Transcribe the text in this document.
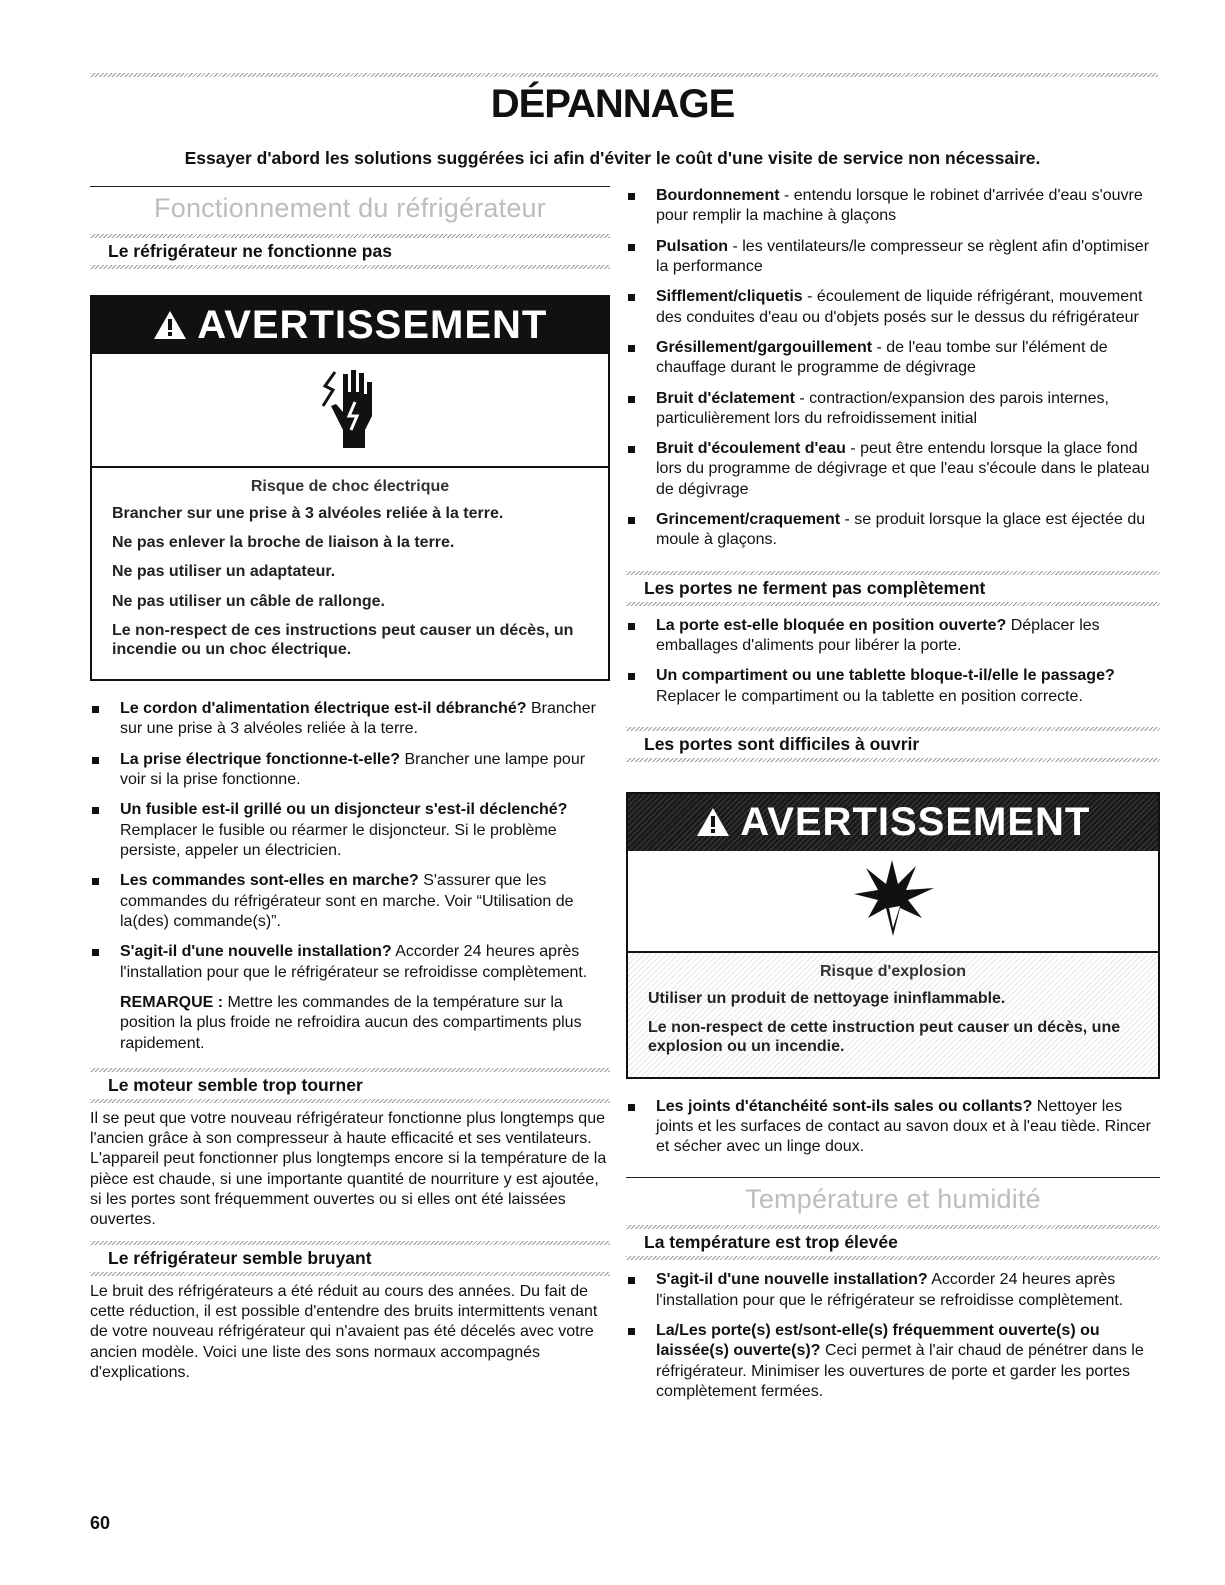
DÉPANNAGE
Essayer d'abord les solutions suggérées ici afin d'éviter le coût d'une visite de service non nécessaire.
Fonctionnement du réfrigérateur
Le réfrigérateur ne fonctionne pas
AVERTISSEMENT
Risque de choc électrique
Brancher sur une prise à 3 alvéoles reliée à la terre.
Ne pas enlever la broche de liaison à la terre.
Ne pas utiliser un adaptateur.
Ne pas utiliser un câble de rallonge.
Le non-respect de ces instructions peut causer un décès, un incendie ou un choc électrique.
Le cordon d'alimentation électrique est-il débranché? Brancher sur une prise à 3 alvéoles reliée à la terre.
La prise électrique fonctionne-t-elle? Brancher une lampe pour voir si la prise fonctionne.
Un fusible est-il grillé ou un disjoncteur s'est-il déclenché? Remplacer le fusible ou réarmer le disjoncteur. Si le problème persiste, appeler un électricien.
Les commandes sont-elles en marche? S'assurer que les commandes du réfrigérateur sont en marche. Voir “Utilisation de la(des) commande(s)”.
S'agit-il d'une nouvelle installation? Accorder 24 heures après l'installation pour que le réfrigérateur se refroidisse complètement.
REMARQUE : Mettre les commandes de la température sur la position la plus froide ne refroidira aucun des compartiments plus rapidement.
Le moteur semble trop tourner
Il se peut que votre nouveau réfrigérateur fonctionne plus longtemps que l'ancien grâce à son compresseur à haute efficacité et ses ventilateurs. L'appareil peut fonctionner plus longtemps encore si la température de la pièce est chaude, si une importante quantité de nourriture y est ajoutée, si les portes sont fréquemment ouvertes ou si elles ont été laissées ouvertes.
Le réfrigérateur semble bruyant
Le bruit des réfrigérateurs a été réduit au cours des années. Du fait de cette réduction, il est possible d'entendre des bruits intermittents venant de votre nouveau réfrigérateur qui n'avaient pas été décelés avec votre ancien modèle. Voici une liste des sons normaux accompagnés d'explications.
Bourdonnement - entendu lorsque le robinet d'arrivée d'eau s'ouvre pour remplir la machine à glaçons
Pulsation - les ventilateurs/le compresseur se règlent afin d'optimiser la performance
Sifflement/cliquetis - écoulement de liquide réfrigérant, mouvement des conduites d'eau ou d'objets posés sur le dessus du réfrigérateur
Grésillement/gargouillement - de l'eau tombe sur l'élément de chauffage durant le programme de dégivrage
Bruit d'éclatement - contraction/expansion des parois internes, particulièrement lors du refroidissement initial
Bruit d'écoulement d'eau - peut être entendu lorsque la glace fond lors du programme de dégivrage et que l'eau s'écoule dans le plateau de dégivrage
Grincement/craquement - se produit lorsque la glace est éjectée du moule à glaçons.
Les portes ne ferment pas complètement
La porte est-elle bloquée en position ouverte? Déplacer les emballages d'aliments pour libérer la porte.
Un compartiment ou une tablette bloque-t-il/elle le passage? Replacer le compartiment ou la tablette en position correcte.
Les portes sont difficiles à ouvrir
AVERTISSEMENT
Risque d'explosion
Utiliser un produit de nettoyage ininflammable.
Le non-respect de cette instruction peut causer un décès, une explosion ou un incendie.
Les joints d'étanchéité sont-ils sales ou collants? Nettoyer les joints et les surfaces de contact au savon doux et à l'eau tiède. Rincer et sécher avec un linge doux.
Température et humidité
La température est trop élevée
S'agit-il d'une nouvelle installation? Accorder 24 heures après l'installation pour que le réfrigérateur se refroidisse complètement.
La/Les porte(s) est/sont-elle(s) fréquemment ouverte(s) ou laissée(s) ouverte(s)? Ceci permet à l'air chaud de pénétrer dans le réfrigérateur. Minimiser les ouvertures de porte et garder les portes complètement fermées.
60
